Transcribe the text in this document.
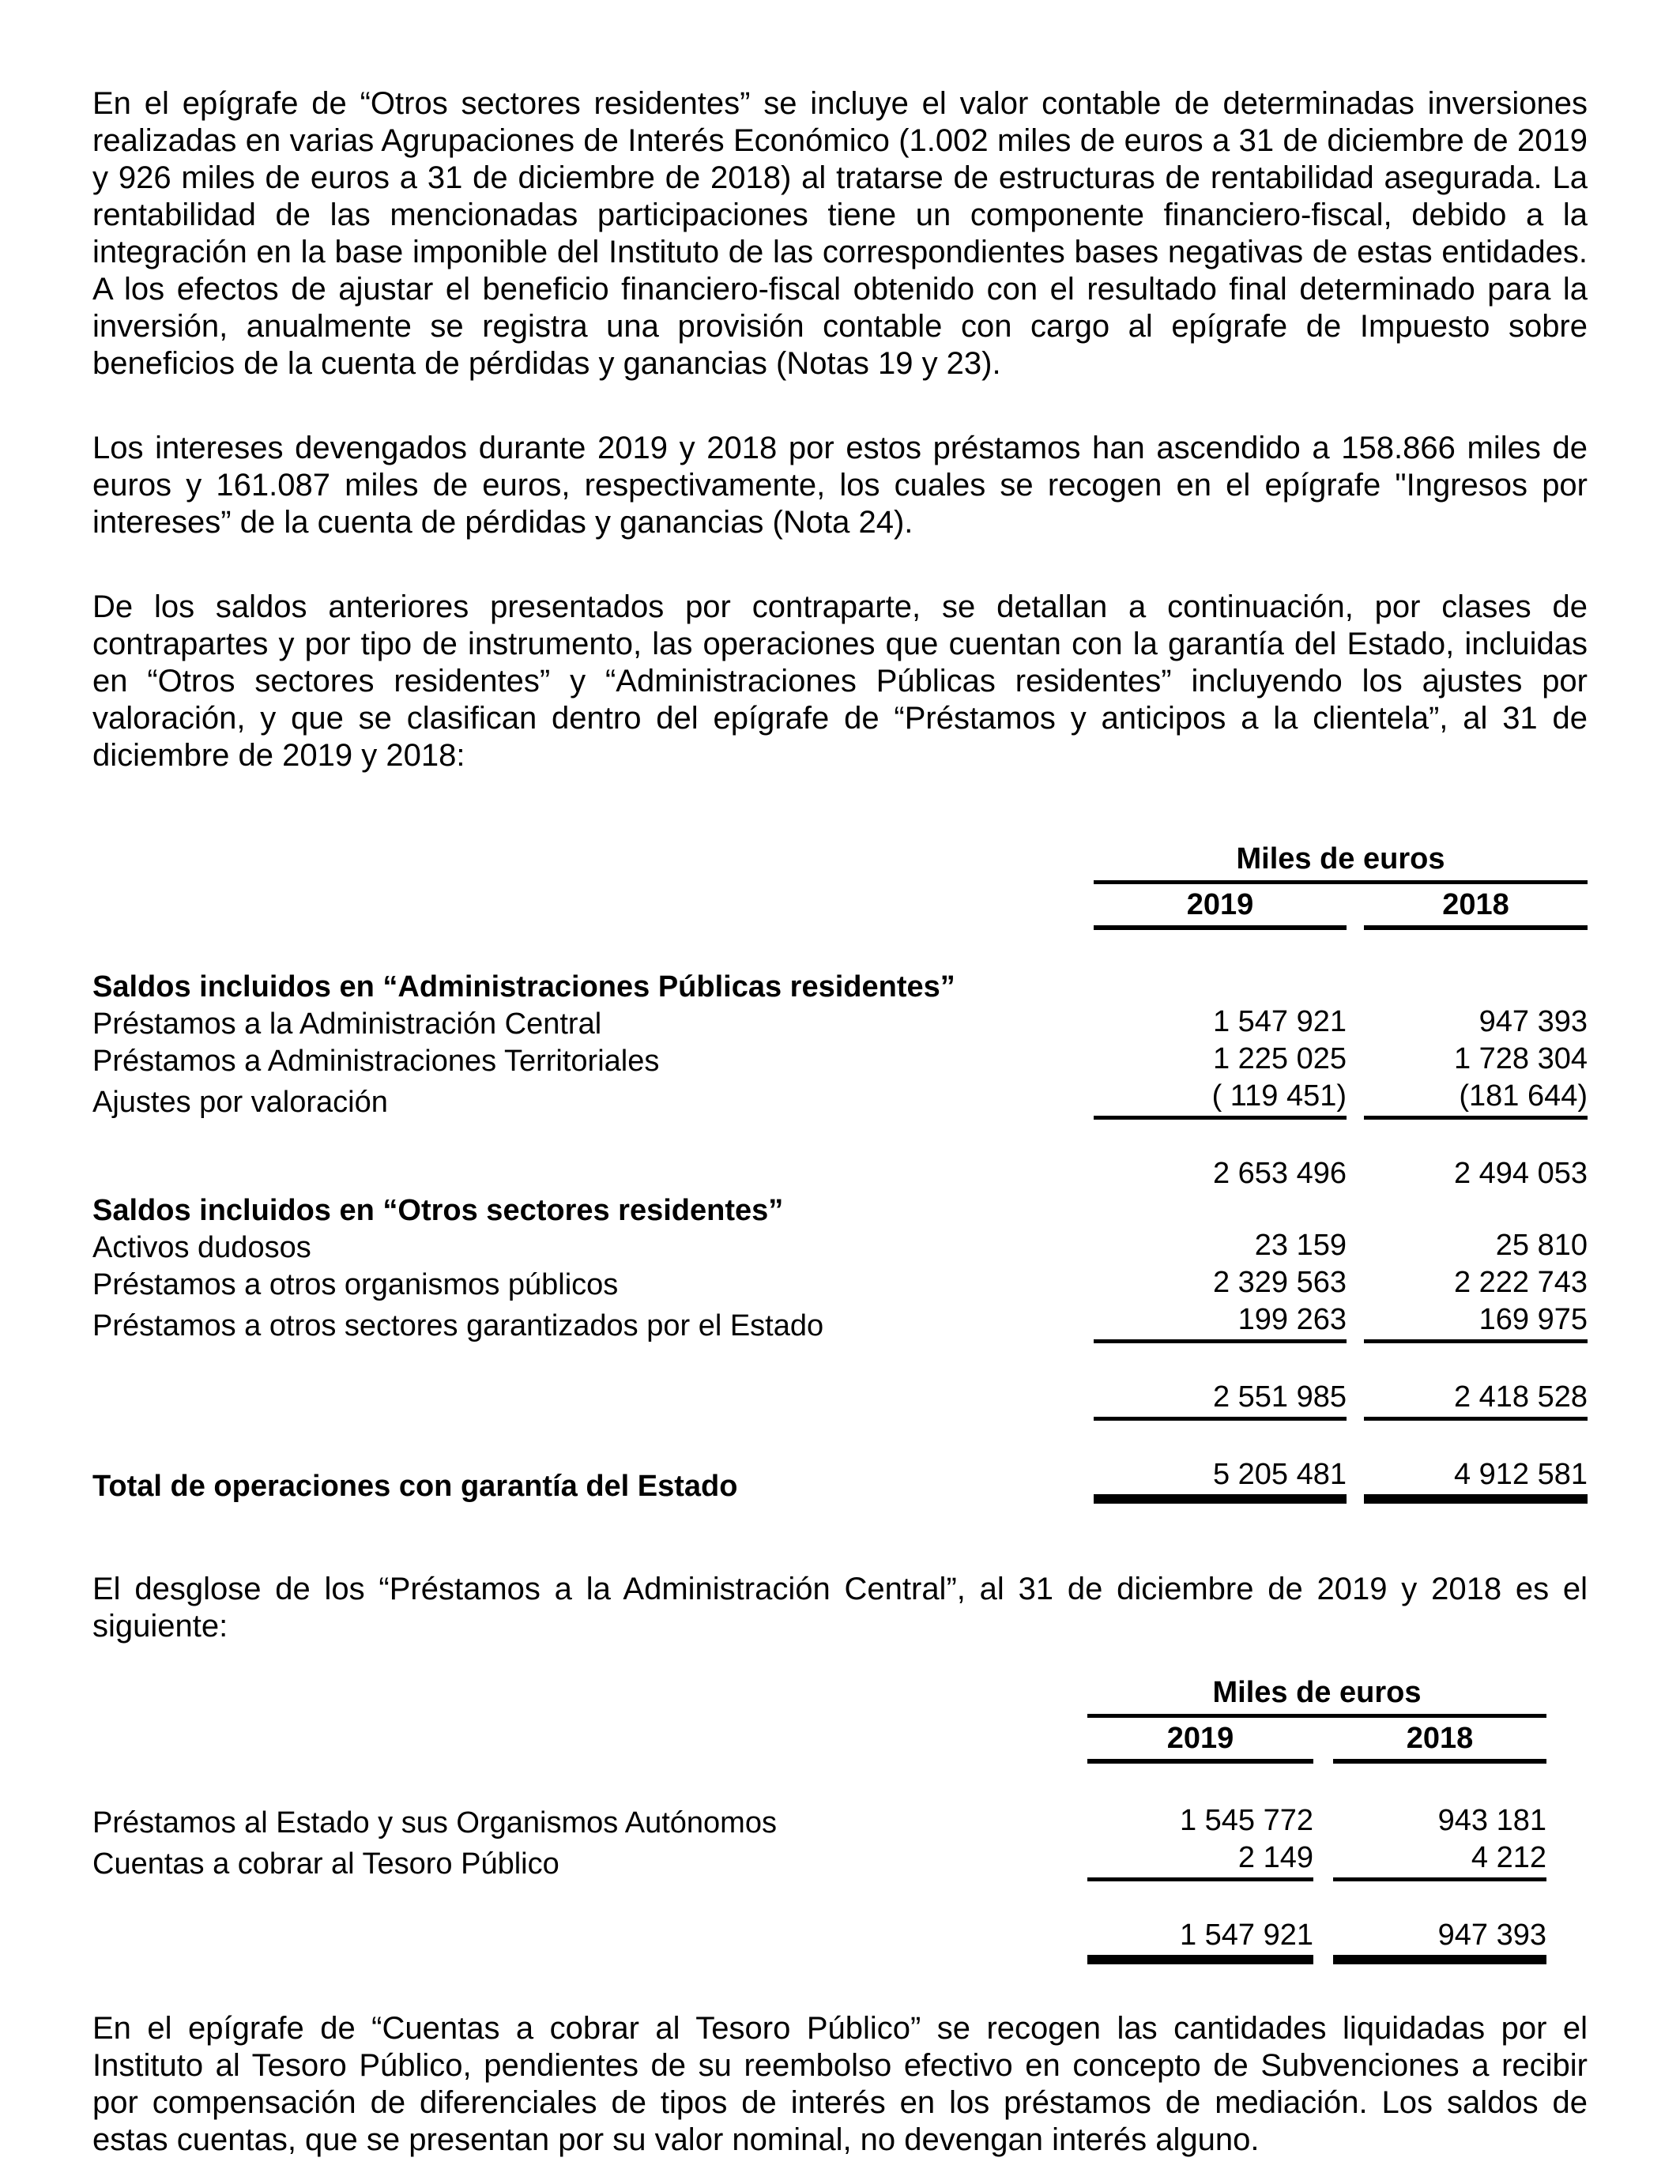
En el epígrafe de “Otros sectores residentes” se incluye el valor contable de determinadas inversiones realizadas en varias Agrupaciones de Interés Económico (1.002 miles de euros a 31 de diciembre de 2019 y 926 miles de euros a 31 de diciembre de 2018) al tratarse de estructuras de rentabilidad asegurada. La rentabilidad de las mencionadas participaciones tiene un componente financiero-fiscal, debido a la integración en la base imponible del Instituto de las correspondientes bases negativas de estas entidades. A los efectos de ajustar el beneficio financiero-fiscal obtenido con el resultado final determinado para la inversión, anualmente se registra una provisión contable con cargo al epígrafe de Impuesto sobre beneficios de la cuenta de pérdidas y ganancias (Notas 19 y 23).

Los intereses devengados durante 2019 y 2018 por estos préstamos han ascendido a 158.866 miles de euros y 161.087 miles de euros, respectivamente, los cuales se recogen en el epígrafe "Ingresos por intereses” de la cuenta de pérdidas y ganancias (Nota 24).

De los saldos anteriores presentados por contraparte, se detallan a continuación, por clases de contrapartes y por tipo de instrumento, las operaciones que cuentan con la garantía del Estado, incluidas en “Otros sectores residentes” y “Administraciones Públicas residentes” incluyendo los ajustes por valoración, y que se clasifican dentro del epígrafe de “Préstamos y anticipos a la clientela”, al 31 de diciembre de 2019 y 2018:

Miles de euros
2019	2018
Saldos incluidos en “Administraciones Públicas residentes”
Préstamos a la Administración Central	1 547 921	947 393
Préstamos a Administraciones Territoriales	1 225 025	1 728 304
Ajustes por valoración	( 119 451)	(181 644)
2 653 496	2 494 053
Saldos incluidos en “Otros sectores residentes”
Activos dudosos	23 159	25 810
Préstamos a otros organismos públicos	2 329 563	2 222 743
Préstamos a otros sectores garantizados por el Estado	199 263	169 975
2 551 985	2 418 528
Total de operaciones con garantía del Estado	5 205 481	4 912 581

El desglose de los “Préstamos a la Administración Central”, al 31 de diciembre de 2019 y 2018 es el siguiente:

Miles de euros
2019	2018
Préstamos al Estado y sus Organismos Autónomos	1 545 772	943 181
Cuentas a cobrar al Tesoro Público	2 149	4 212
1 547 921	947 393

En el epígrafe de “Cuentas a cobrar al Tesoro Público” se recogen las cantidades liquidadas por el Instituto al Tesoro Público, pendientes de su reembolso efectivo en concepto de Subvenciones a recibir por compensación de diferenciales de tipos de interés en los préstamos de mediación. Los saldos de estas cuentas, que se presentan por su valor nominal, no devengan interés alguno.
